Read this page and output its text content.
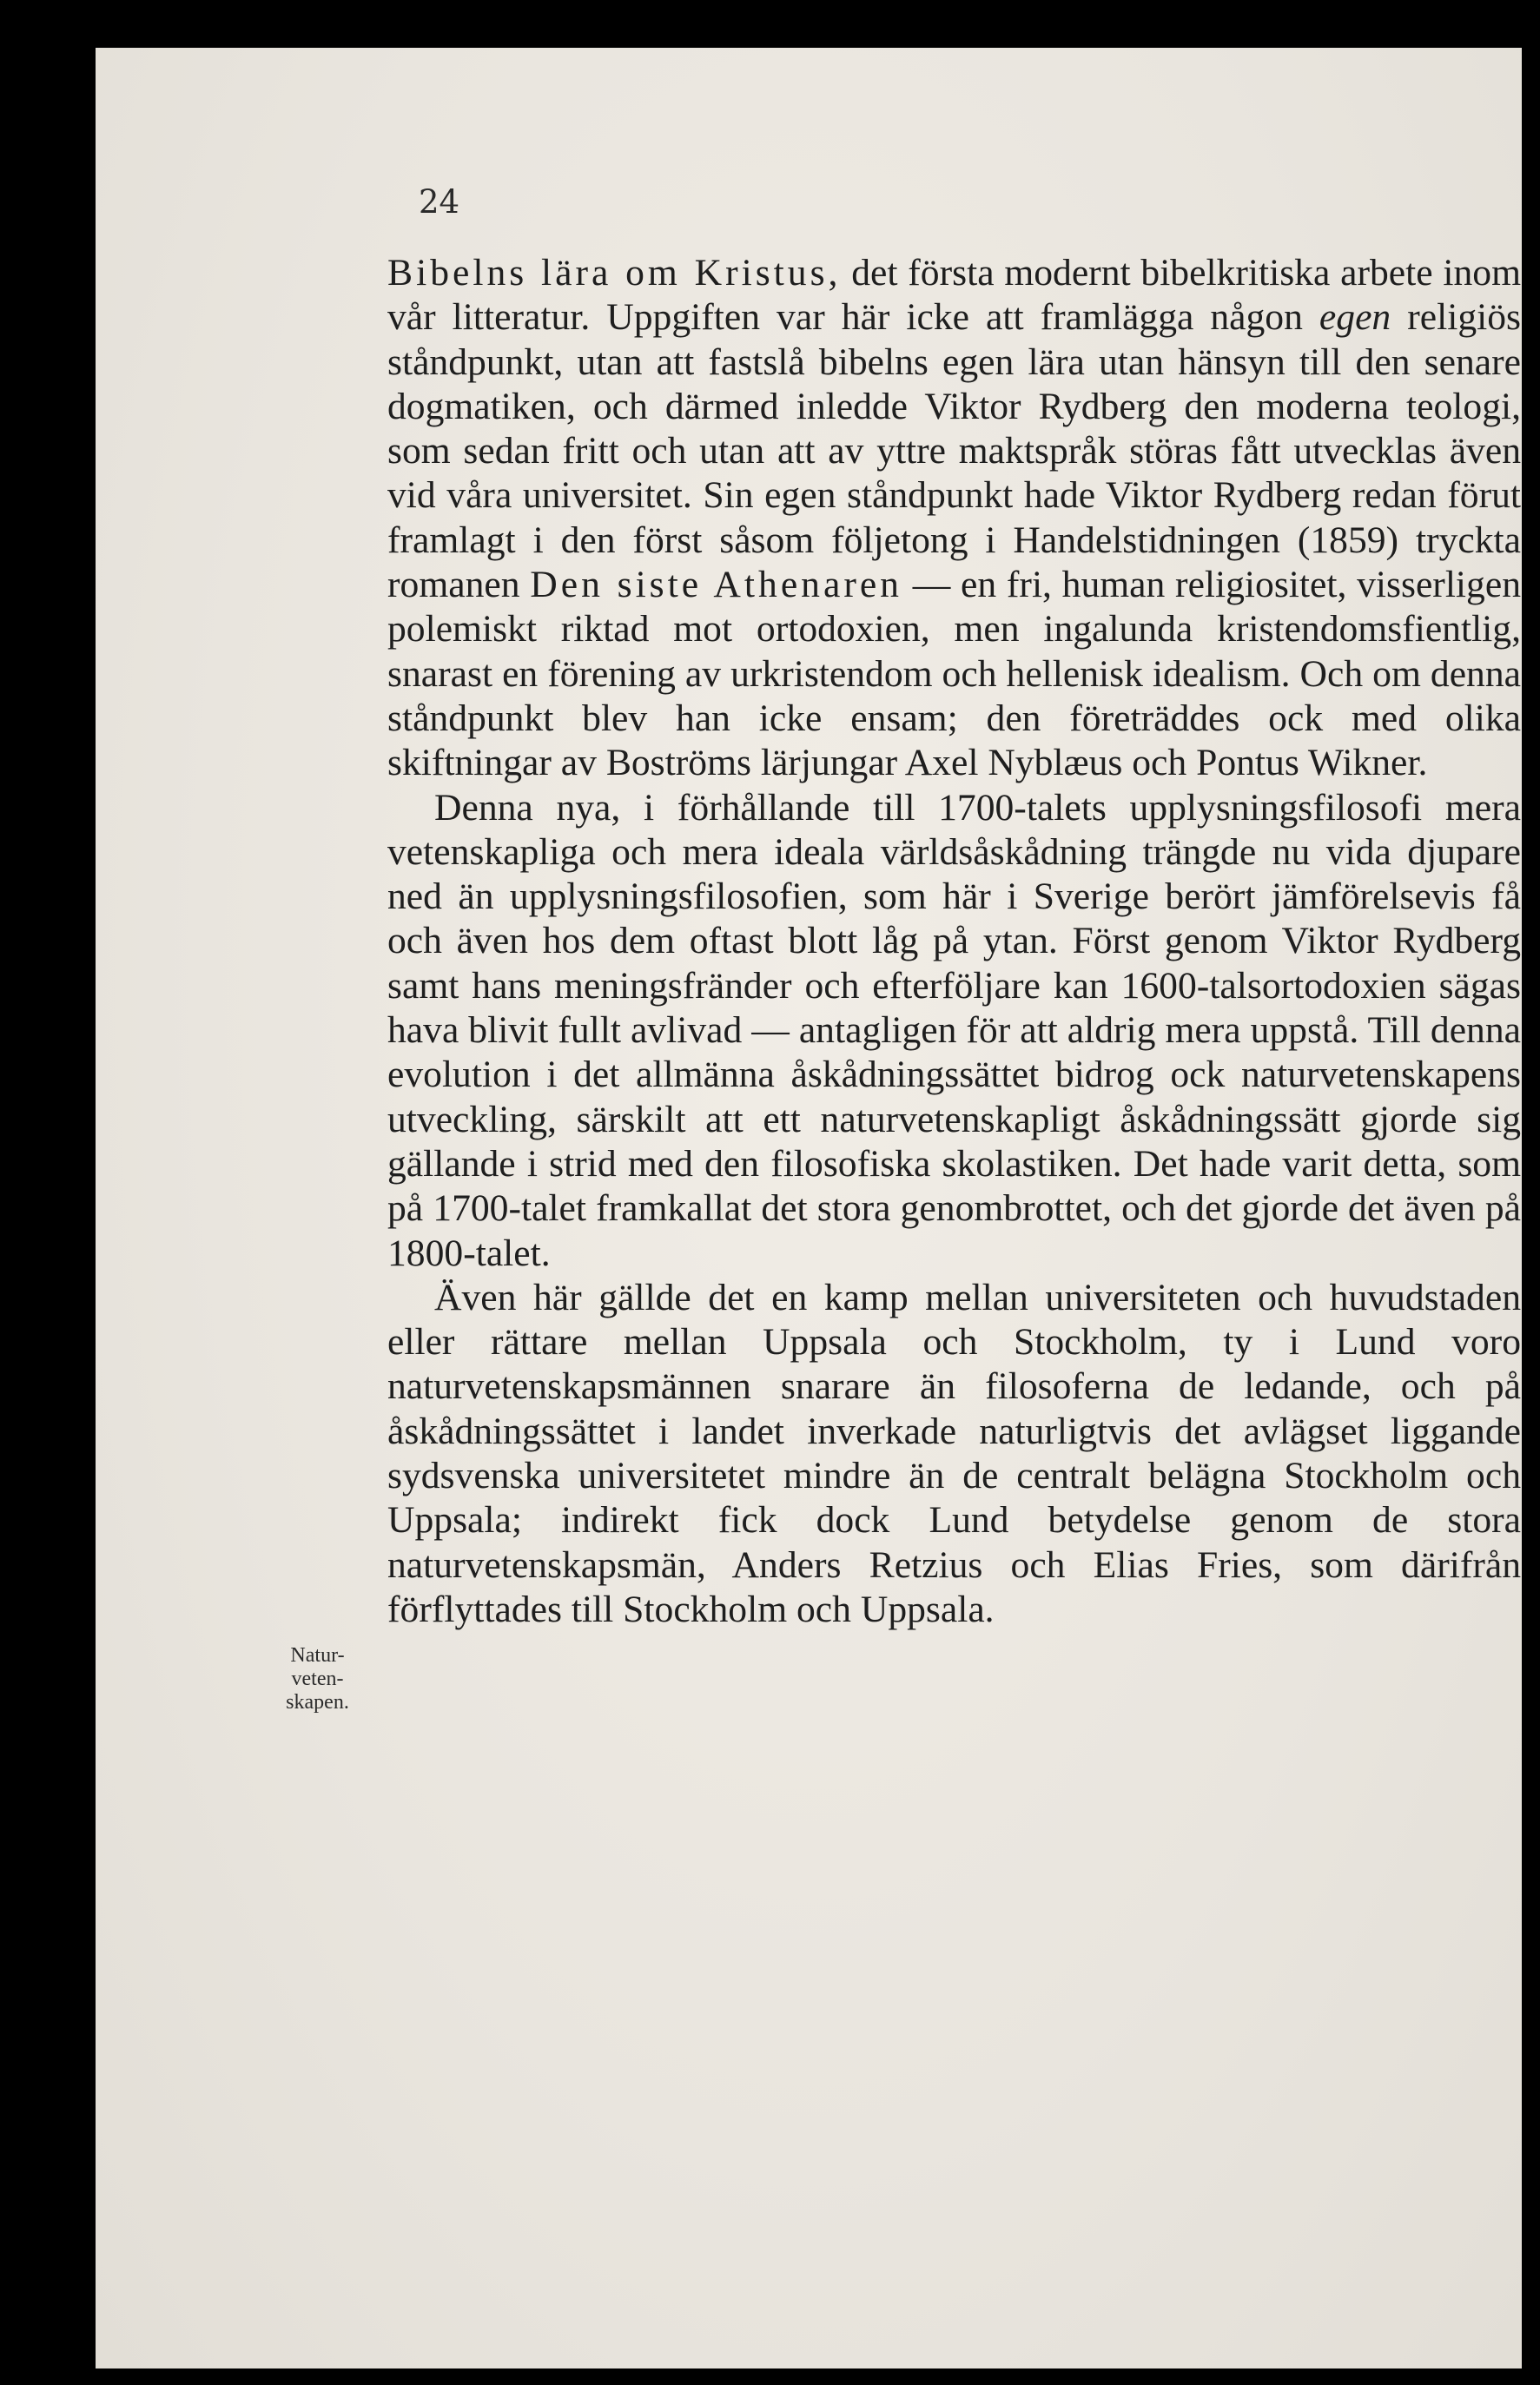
24

Natur-
veten-
skapen.

Bibelns lära om Kristus, det första modernt bibelkritiska arbete inom vår litteratur. Uppgiften var här icke att framlägga någon egen religiös ståndpunkt, utan att fastslå bibelns egen lära utan hänsyn till den senare dogmatiken, och därmed inledde Viktor Rydberg den moderna teologi, som sedan fritt och utan att av yttre maktspråk störas fått utvecklas även vid våra universitet. Sin egen ståndpunkt hade Viktor Rydberg redan förut framlagt i den först såsom följetong i Handelstidningen (1859) tryckta romanen Den siste Athenaren — en fri, human religiositet, visserligen polemiskt riktad mot ortodoxien, men ingalunda kristendomsfientlig, snarast en förening av urkristendom och hellenisk idealism. Och om denna ståndpunkt blev han icke ensam; den företräddes ock med olika skiftningar av Boströms lärjungar Axel Nyblæus och Pontus Wikner.

Denna nya, i förhållande till 1700-talets upplysningsfilosofi mera vetenskapliga och mera ideala världsåskådning trängde nu vida djupare ned än upplysningsfilosofien, som här i Sverige berört jämförelsevis få och även hos dem oftast blott låg på ytan. Först genom Viktor Rydberg samt hans meningsfränder och efterföljare kan 1600-talsortodoxien sägas hava blivit fullt avlivad — antagligen för att aldrig mera uppstå. Till denna evolution i det allmänna åskådningssättet bidrog ock naturvetenskapens utveckling, särskilt att ett naturvetenskapligt åskådningssätt gjorde sig gällande i strid med den filosofiska skolastiken. Det hade varit detta, som på 1700-talet framkallat det stora genombrottet, och det gjorde det även på 1800-talet.

Även här gällde det en kamp mellan universiteten och huvudstaden eller rättare mellan Uppsala och Stockholm, ty i Lund voro naturvetenskapsmännen snarare än filosoferna de ledande, och på åskådningssättet i landet inverkade naturligtvis det avlägset liggande sydsvenska universitetet mindre än de centralt belägna Stockholm och Uppsala; indirekt fick dock Lund betydelse genom de stora naturvetenskapsmän, Anders Retzius och Elias Fries, som därifrån förflyttades till Stockholm och Uppsala.
